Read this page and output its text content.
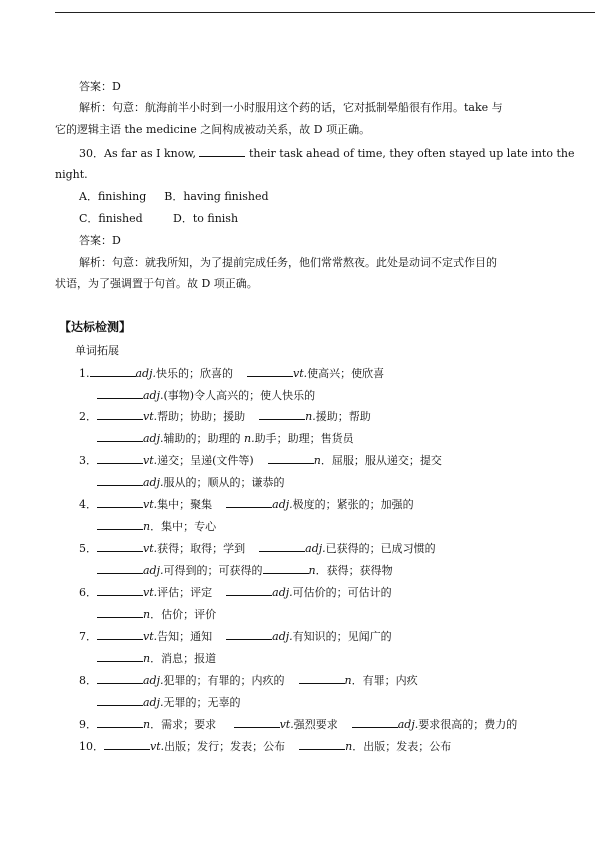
答案：D
解析：句意：航海前半小时到一小时服用这个药的话，它对抵制晕船很有作用。take 与
它的逻辑主语 the medicine 之间构成被动关系，故 D 项正确。
30．As far as I know,	their task ahead of time, they often stayed up late into the
night.
A．finishing B．having finished
C．finished	D．to finish
答案：D
解析：句意：就我所知，为了提前完成任务，他们常常熬夜。此处是动词不定式作目的
状语，为了强调置于句首。故 D 项正确。
【达标检测】
单词拓展
1.	adj.快乐的；欣喜的	vt.使高兴；使欣喜
adj.(事物)令人高兴的；使人快乐的
2．	vt.帮助；协助；援助	n.援助；帮助
adj.辅助的；助理的 n.助手；助理；售货员
3．	vt.递交；呈递(文件等)	n．屈服；服从递交；提交
adj.服从的；顺从的；谦恭的
4．	vt.集中；聚集	adj.极度的；紧张的；加强的
n．集中；专心
5．	vt.获得；取得；学到	adj.已获得的；已成习惯的
adj.可得到的；可获得的	n．获得；获得物
6．	vt.评估；评定	adj.可估价的；可估计的
n．估价；评价
7．	vt.告知；通知	adj.有知识的；见闻广的
n．消息；报道
8．	adj.犯罪的；有罪的；内疚的	n．有罪；内疚
adj.无罪的；无辜的
9．	n．需求；要求	vt.强烈要求	adj.要求很高的；费力的
10．	vt.出版；发行；发表；公布	n．出版；发表；公布
